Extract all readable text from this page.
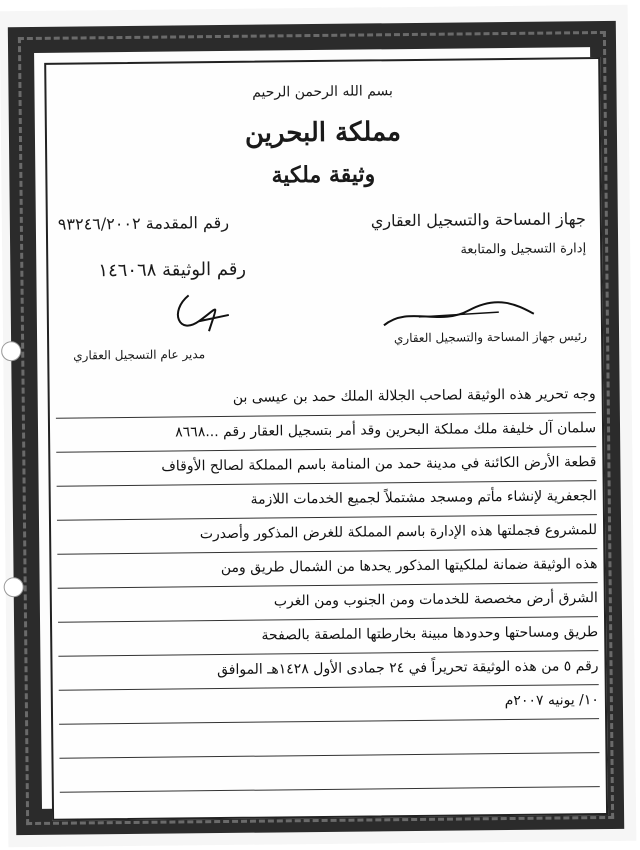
بسم الله الرحمن الرحيم
مملكة البحرين
وثيقة ملكية
جهاز المساحة والتسجيل العقاري
إدارة التسجيل والمتابعة
رقم المقدمة ٩٣٢٤٦/٢٠٠٢
رقم الوثيقة ١٤٦٠٦٨
رئيس جهاز المساحة والتسجيل العقاري
مدير عام التسجيل العقاري
وجه تحرير هذه الوثيقة لصاحب الجلالة الملك حمد بن عيسى بن
سلمان آل خليفة ملك مملكة البحرين وقد أمر بتسجيل العقار رقم ...٨٦٦٨
قطعة الأرض الكائنة في مدينة حمد من المنامة باسم المملكة لصالح الأوقاف
الجعفرية لإنشاء مأتم ومسجد مشتملاً لجميع الخدمات اللازمة
للمشروع فجملتها هذه الإدارة باسم المملكة للغرض المذكور وأصدرت
هذه الوثيقة ضمانة لملكيتها المذكور يحدها من الشمال طريق ومن
الشرق أرض مخصصة للخدمات ومن الجنوب ومن الغرب
طريق ومساحتها وحدودها مبينة بخارطتها الملصقة بالصفحة
رقم ٥ من هذه الوثيقة تحريراً في ٢٤ جمادى الأول ١٤٢٨هـ الموافق
١٠/ يونيه ٢٠٠٧م
